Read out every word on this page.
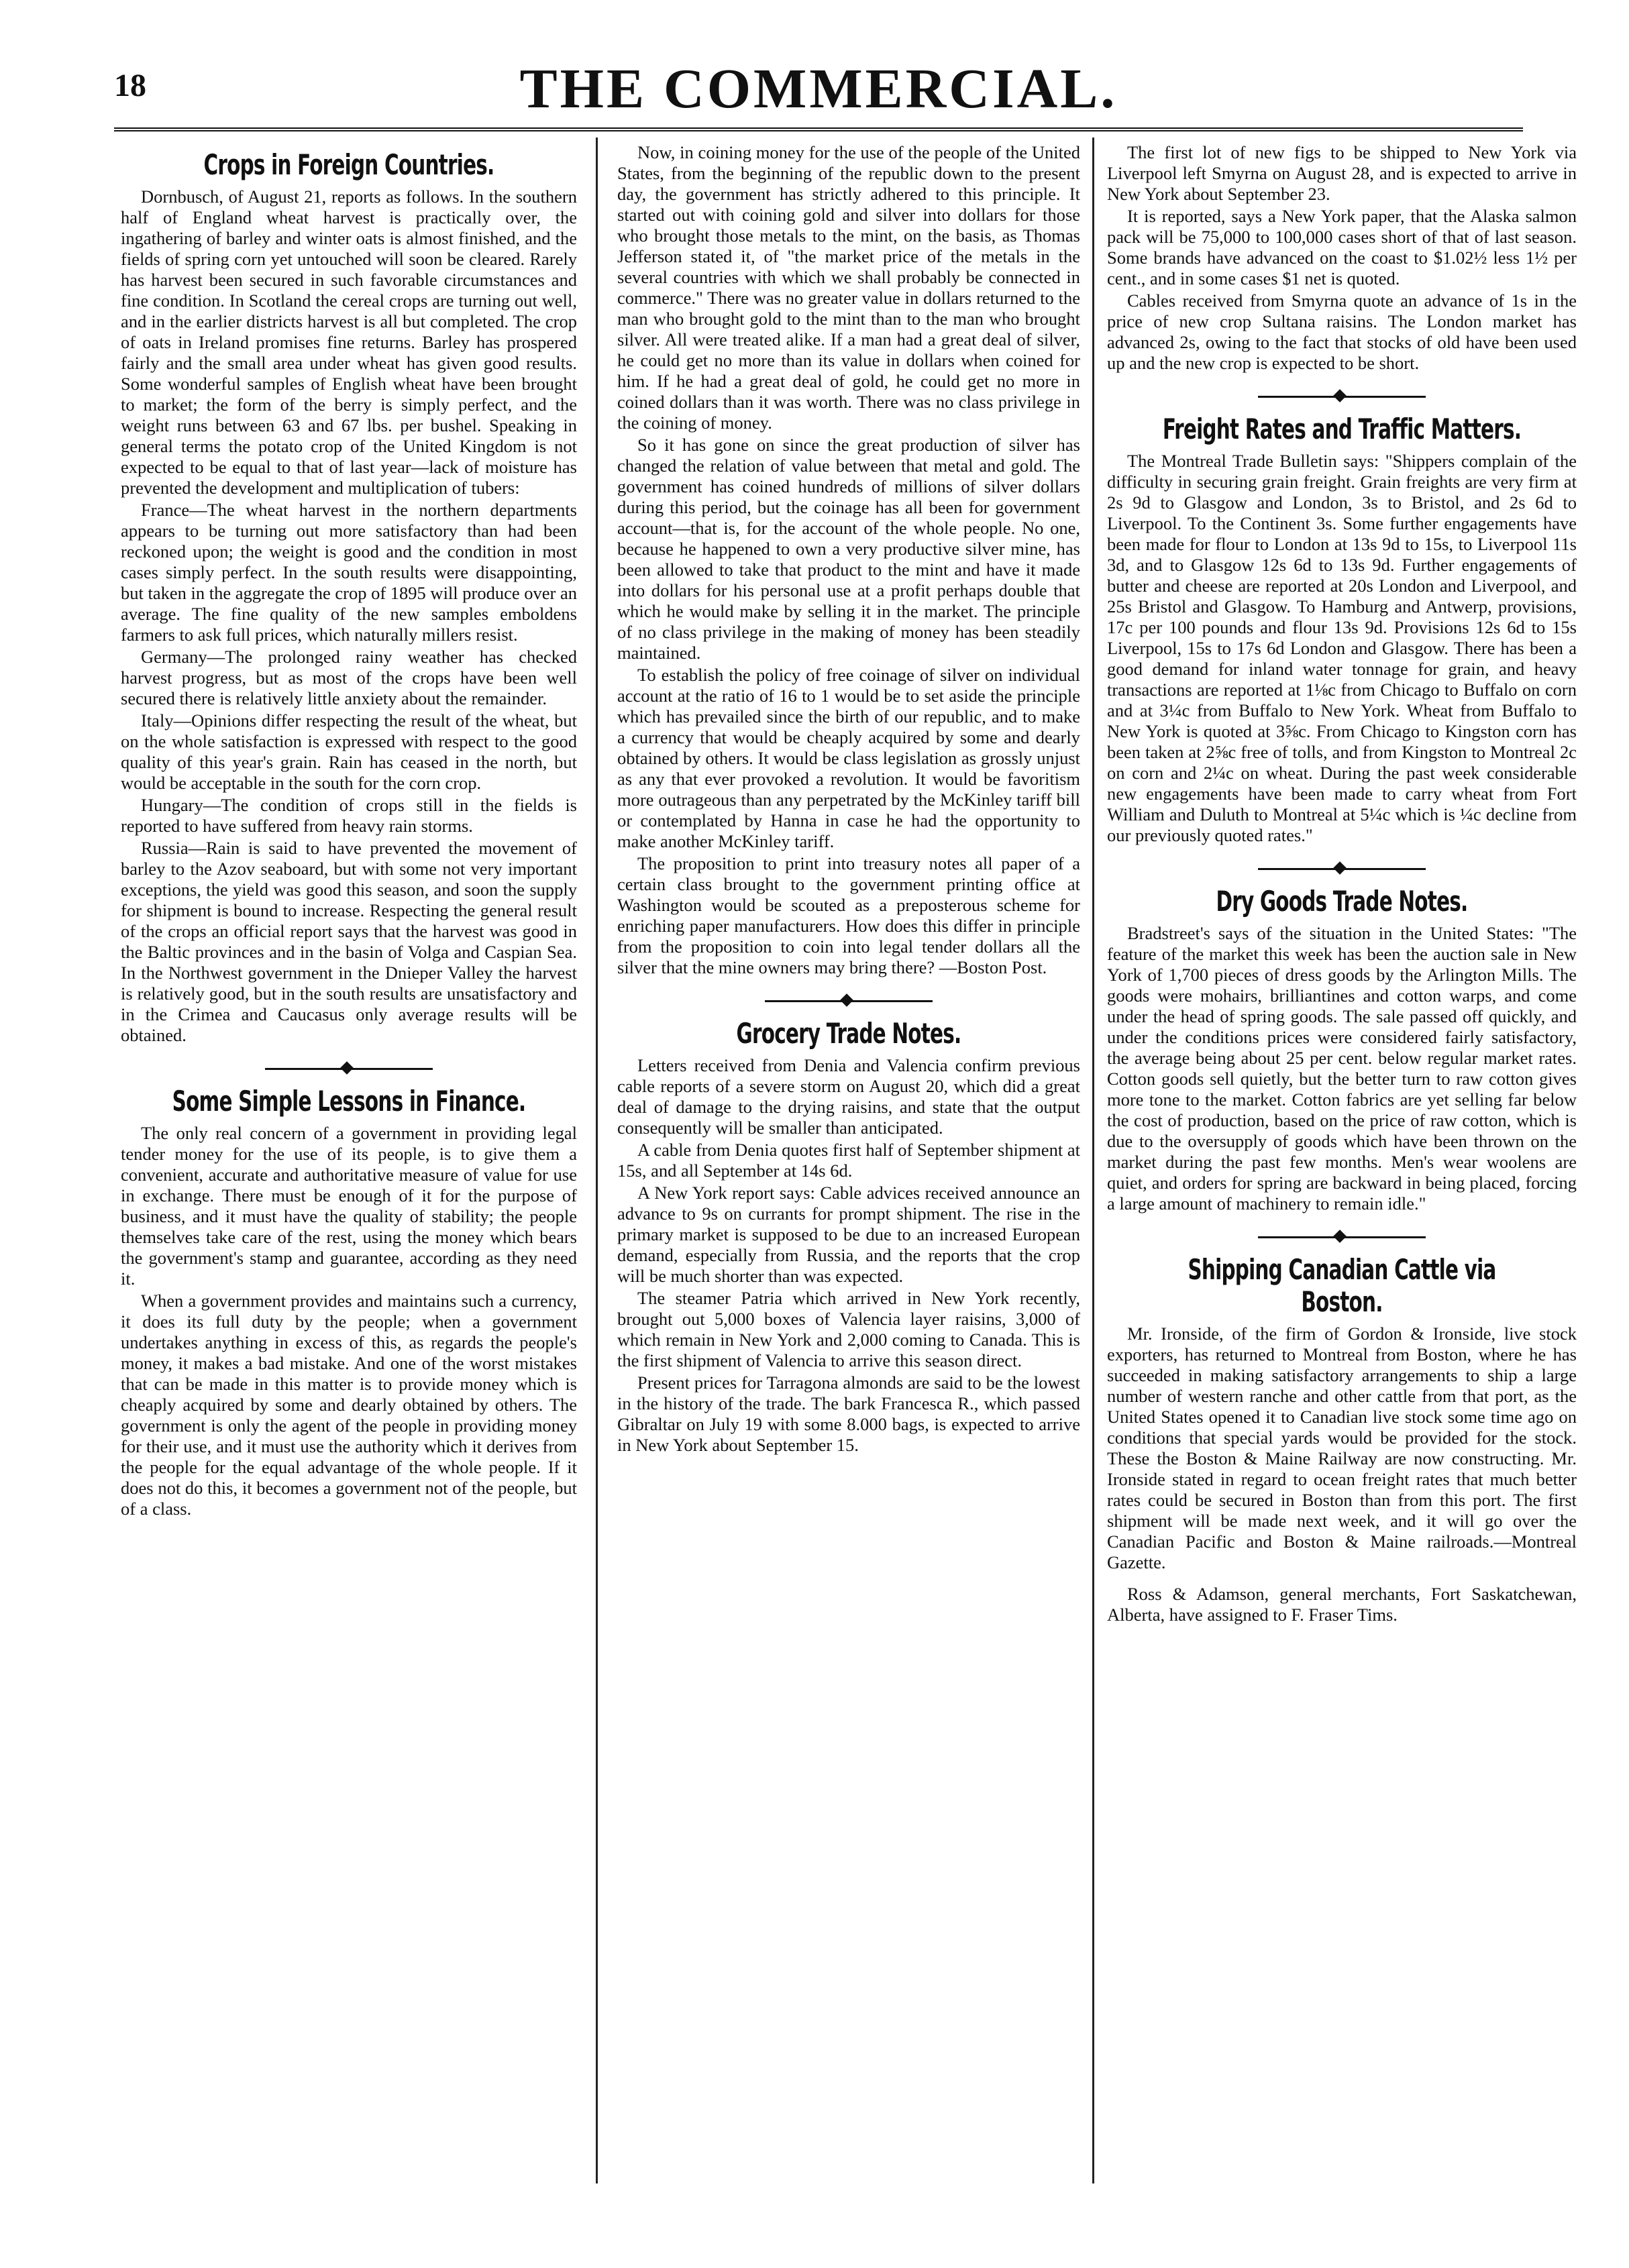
18	THE COMMERCIAL.
Crops in Foreign Countries.

Dornbusch, of August 21, reports as follows. In the southern half of England wheat harvest is practically over, the ingathering of barley and winter oats is almost finished, and the fields of spring corn yet untouched will soon be cleared. Rarely has harvest been secured in such favorable circumstances and fine condition. In Scotland the cereal crops are turning out well, and in the earlier districts harvest is all but completed. The crop of oats in Ireland promises fine returns. Barley has prospered fairly and the small area under wheat has given good results. Some wonderful samples of English wheat have been brought to market; the form of the berry is simply perfect, and the weight runs between 63 and 67 lbs. per bushel. Speaking in general terms the potato crop of the United Kingdom is not expected to be equal to that of last year—lack of moisture has prevented the development and multiplication of tubers:

France—The wheat harvest in the northern departments appears to be turning out more satisfactory than had been reckoned upon; the weight is good and the condition in most cases simply perfect. In the south results were disappointing, but taken in the aggregate the crop of 1895 will produce over an average. The fine quality of the new samples emboldens farmers to ask full prices, which naturally millers resist.

Germany—The prolonged rainy weather has checked harvest progress, but as most of the crops have been well secured there is relatively little anxiety about the remainder.

Italy—Opinions differ respecting the result of the wheat, but on the whole satisfaction is expressed with respect to the good quality of this year's grain. Rain has ceased in the north, but would be acceptable in the south for the corn crop.

Hungary—The condition of crops still in the fields is reported to have suffered from heavy rain storms.

Russia—Rain is said to have prevented the movement of barley to the Azov seaboard, but with some not very important exceptions, the yield was good this season, and soon the supply for shipment is bound to increase. Respecting the general result of the crops an official report says that the harvest was good in the Baltic provinces and in the basin of Volga and Caspian Sea. In the Northwest government in the Dnieper Valley the harvest is relatively good, but in the south results are unsatisfactory and in the Crimea and Caucasus only average results will be obtained.

Some Simple Lessons in Finance.

The only real concern of a government in providing legal tender money for the use of its people, is to give them a convenient, accurate and authoritative measure of value for use in exchange. There must be enough of it for the purpose of business, and it must have the quality of stability; the people themselves take care of the rest, using the money which bears the government's stamp and guarantee, according as they need it.

When a government provides and maintains such a currency, it does its full duty by the people; when a government undertakes anything in excess of this, as regards the people's money, it makes a bad mistake. And one of the worst mistakes that can be made in this matter is to provide money which is cheaply acquired by some and dearly obtained by others. The government is only the agent of the people in providing money for their use, and it must use the authority which it derives from the people for the equal advantage of the whole people. If it does not do this, it becomes a government not of the people, but of a class.

Now, in coining money for the use of the people of the United States, from the beginning of the republic down to the present day, the government has strictly adhered to this principle. It started out with coining gold and silver into dollars for those who brought those metals to the mint, on the basis, as Thomas Jefferson stated it, of "the market price of the metals in the several countries with which we shall probably be connected in commerce." There was no greater value in dollars returned to the man who brought gold to the mint than to the man who brought silver. All were treated alike. If a man had a great deal of silver, he could get no more than its value in dollars when coined for him. If he had a great deal of gold, he could get no more in coined dollars than it was worth. There was no class privilege in the coining of money.

So it has gone on since the great production of silver has changed the relation of value between that metal and gold. The government has coined hundreds of millions of silver dollars during this period, but the coinage has all been for government account—that is, for the account of the whole people. No one, because he happened to own a very productive silver mine, has been allowed to take that product to the mint and have it made into dollars for his personal use at a profit perhaps double that which he would make by selling it in the market. The principle of no class privilege in the making of money has been steadily maintained.

To establish the policy of free coinage of silver on individual account at the ratio of 16 to 1 would be to set aside the principle which has prevailed since the birth of our republic, and to make a currency that would be cheaply acquired by some and dearly obtained by others. It would be class legislation as grossly unjust as any that ever provoked a revolution. It would be favoritism more outrageous than any perpetrated by the McKinley tariff bill or contemplated by Hanna in case he had the opportunity to make another McKinley tariff.

The proposition to print into treasury notes all paper of a certain class brought to the government printing office at Washington would be scouted as a preposterous scheme for enriching paper manufacturers. How does this differ in principle from the proposition to coin into legal tender dollars all the silver that the mine owners may bring there? —Boston Post.

Grocery Trade Notes.

Letters received from Denia and Valencia confirm previous cable reports of a severe storm on August 20, which did a great deal of damage to the drying raisins, and state that the output consequently will be smaller than anticipated.

A cable from Denia quotes first half of September shipment at 15s, and all September at 14s 6d.

A New York report says: Cable advices received announce an advance to 9s on currants for prompt shipment. The rise in the primary market is supposed to be due to an increased European demand, especially from Russia, and the reports that the crop will be much shorter than was expected.

The steamer Patria which arrived in New York recently, brought out 5,000 boxes of Valencia layer raisins, 3,000 of which remain in New York and 2,000 coming to Canada. This is the first shipment of Valencia to arrive this season direct.

Present prices for Tarragona almonds are said to be the lowest in the history of the trade. The bark Francesca R., which passed Gibraltar on July 19 with some 8.000 bags, is expected to arrive in New York about September 15.

The first lot of new figs to be shipped to New York via Liverpool left Smyrna on August 28, and is expected to arrive in New York about September 23.

It is reported, says a New York paper, that the Alaska salmon pack will be 75,000 to 100,000 cases short of that of last season. Some brands have advanced on the coast to $1.02½ less 1½ per cent., and in some cases $1 net is quoted.

Cables received from Smyrna quote an advance of 1s in the price of new crop Sultana raisins. The London market has advanced 2s, owing to the fact that stocks of old have been used up and the new crop is expected to be short.

Freight Rates and Traffic Matters.

The Montreal Trade Bulletin says: "Shippers complain of the difficulty in securing grain freight. Grain freights are very firm at 2s 9d to Glasgow and London, 3s to Bristol, and 2s 6d to Liverpool. To the Continent 3s. Some further engagements have been made for flour to London at 13s 9d to 15s, to Liverpool 11s 3d, and to Glasgow 12s 6d to 13s 9d. Further engagements of butter and cheese are reported at 20s London and Liverpool, and 25s Bristol and Glasgow. To Hamburg and Antwerp, provisions, 17c per 100 pounds and flour 13s 9d. Provisions 12s 6d to 15s Liverpool, 15s to 17s 6d London and Glasgow. There has been a good demand for inland water tonnage for grain, and heavy transactions are reported at 1⅛c from Chicago to Buffalo on corn and at 3¼c from Buffalo to New York. Wheat from Buffalo to New York is quoted at 3⅝c. From Chicago to Kingston corn has been taken at 2⅝c free of tolls, and from Kingston to Montreal 2c on corn and 2¼c on wheat. During the past week considerable new engagements have been made to carry wheat from Fort William and Duluth to Montreal at 5¼c which is ¼c decline from our previously quoted rates."

Dry Goods Trade Notes.

Bradstreet's says of the situation in the United States: "The feature of the market this week has been the auction sale in New York of 1,700 pieces of dress goods by the Arlington Mills. The goods were mohairs, brilliantines and cotton warps, and come under the head of spring goods. The sale passed off quickly, and under the conditions prices were considered fairly satisfactory, the average being about 25 per cent. below regular market rates. Cotton goods sell quietly, but the better turn to raw cotton gives more tone to the market. Cotton fabrics are yet selling far below the cost of production, based on the price of raw cotton, which is due to the oversupply of goods which have been thrown on the market during the past few months. Men's wear woolens are quiet, and orders for spring are backward in being placed, forcing a large amount of machinery to remain idle."

Shipping Canadian Cattle via Boston.

Mr. Ironside, of the firm of Gordon & Ironside, live stock exporters, has returned to Montreal from Boston, where he has succeeded in making satisfactory arrangements to ship a large number of western ranche and other cattle from that port, as the United States opened it to Canadian live stock some time ago on conditions that special yards would be provided for the stock. These the Boston & Maine Railway are now constructing. Mr. Ironside stated in regard to ocean freight rates that much better rates could be secured in Boston than from this port. The first shipment will be made next week, and it will go over the Canadian Pacific and Boston & Maine railroads.—Montreal Gazette.

Ross & Adamson, general merchants, Fort Saskatchewan, Alberta, have assigned to F. Fraser Tims.
